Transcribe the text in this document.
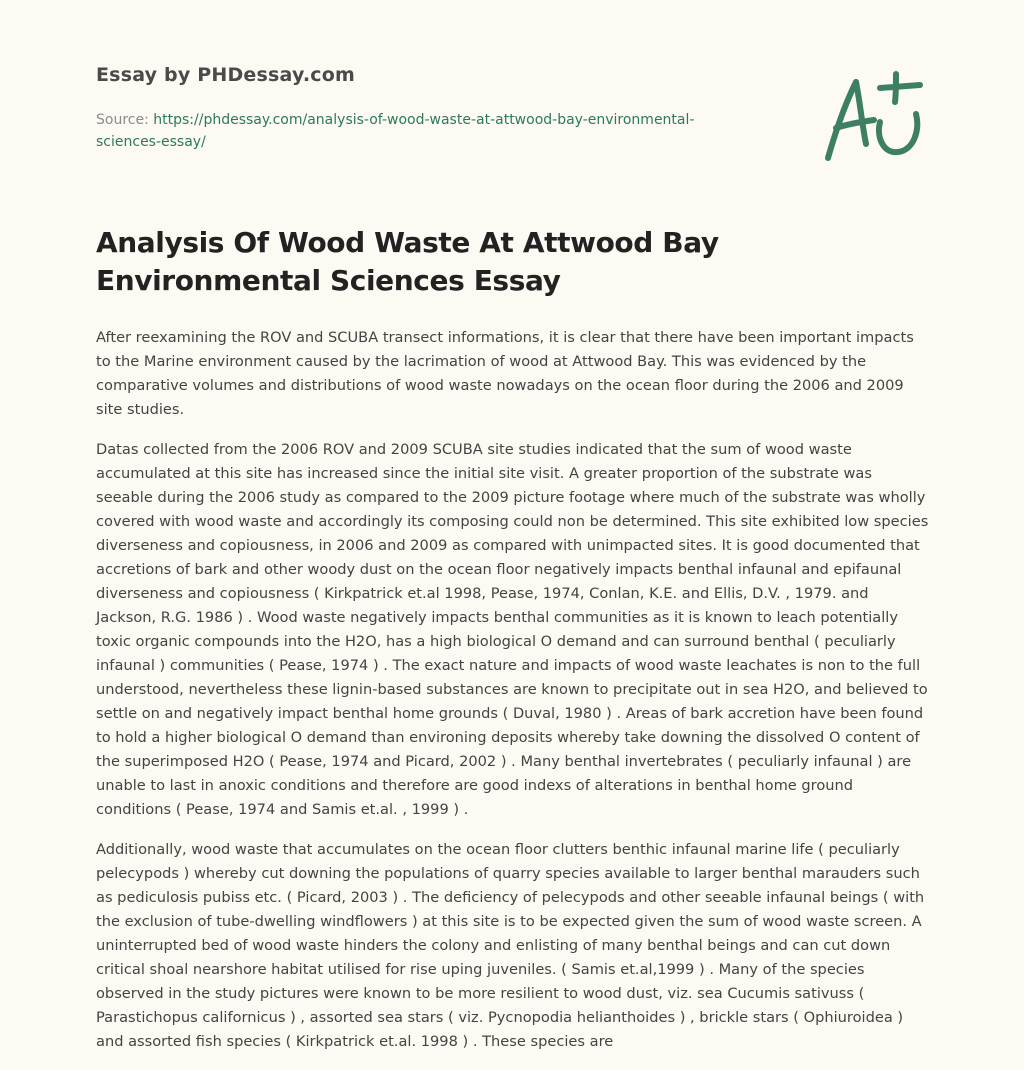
Essay by PHDessay.com
Source: https://phdessay.com/analysis-of-wood-waste-at-attwood-bay-environmental-
sciences-essay/
Analysis Of Wood Waste At Attwood Bay Environmental Sciences Essay

After reexamining the ROV and SCUBA transect informations, it is clear that there have been important impacts to the Marine environment caused by the lacrimation of wood at Attwood Bay. This was evidenced by the comparative volumes and distributions of wood waste nowadays on the ocean floor during the 2006 and 2009 site studies.

Datas collected from the 2006 ROV and 2009 SCUBA site studies indicated that the sum of wood waste accumulated at this site has increased since the initial site visit. A greater proportion of the substrate was seeable during the 2006 study as compared to the 2009 picture footage where much of the substrate was wholly covered with wood waste and accordingly its composing could non be determined. This site exhibited low species diverseness and copiousness, in 2006 and 2009 as compared with unimpacted sites. It is good documented that accretions of bark and other woody dust on the ocean floor negatively impacts benthal infaunal and epifaunal diverseness and copiousness ( Kirkpatrick et.al 1998, Pease, 1974, Conlan, K.E. and Ellis, D.V. , 1979. and Jackson, R.G. 1986 ) . Wood waste negatively impacts benthal communities as it is known to leach potentially toxic organic compounds into the H2O, has a high biological O demand and can surround benthal ( peculiarly infaunal ) communities ( Pease, 1974 ) . The exact nature and impacts of wood waste leachates is non to the full understood, nevertheless these lignin-based substances are known to precipitate out in sea H2O, and believed to settle on and negatively impact benthal home grounds ( Duval, 1980 ) . Areas of bark accretion have been found to hold a higher biological O demand than environing deposits whereby take downing the dissolved O content of the superimposed H2O ( Pease, 1974 and Picard, 2002 ) . Many benthal invertebrates ( peculiarly infaunal ) are unable to last in anoxic conditions and therefore are good indexs of alterations in benthal home ground conditions ( Pease, 1974 and Samis et.al. , 1999 ) .

Additionally, wood waste that accumulates on the ocean floor clutters benthic infaunal marine life ( peculiarly pelecypods ) whereby cut downing the populations of quarry species available to larger benthal marauders such as pediculosis pubiss etc. ( Picard, 2003 ) . The deficiency of pelecypods and other seeable infaunal beings ( with the exclusion of tube-dwelling windflowers ) at this site is to be expected given the sum of wood waste screen. A uninterrupted bed of wood waste hinders the colony and enlisting of many benthal beings and can cut down critical shoal nearshore habitat utilised for rise uping juveniles. ( Samis et.al,1999 ) . Many of the species observed in the study pictures were known to be more resilient to wood dust, viz. sea Cucumis sativuss ( Parastichopus californicus ) , assorted sea stars ( viz. Pycnopodia helianthoides ) , brickle stars ( Ophiuroidea ) and assorted fish species ( Kirkpatrick et.al. 1998 ) . These species are
